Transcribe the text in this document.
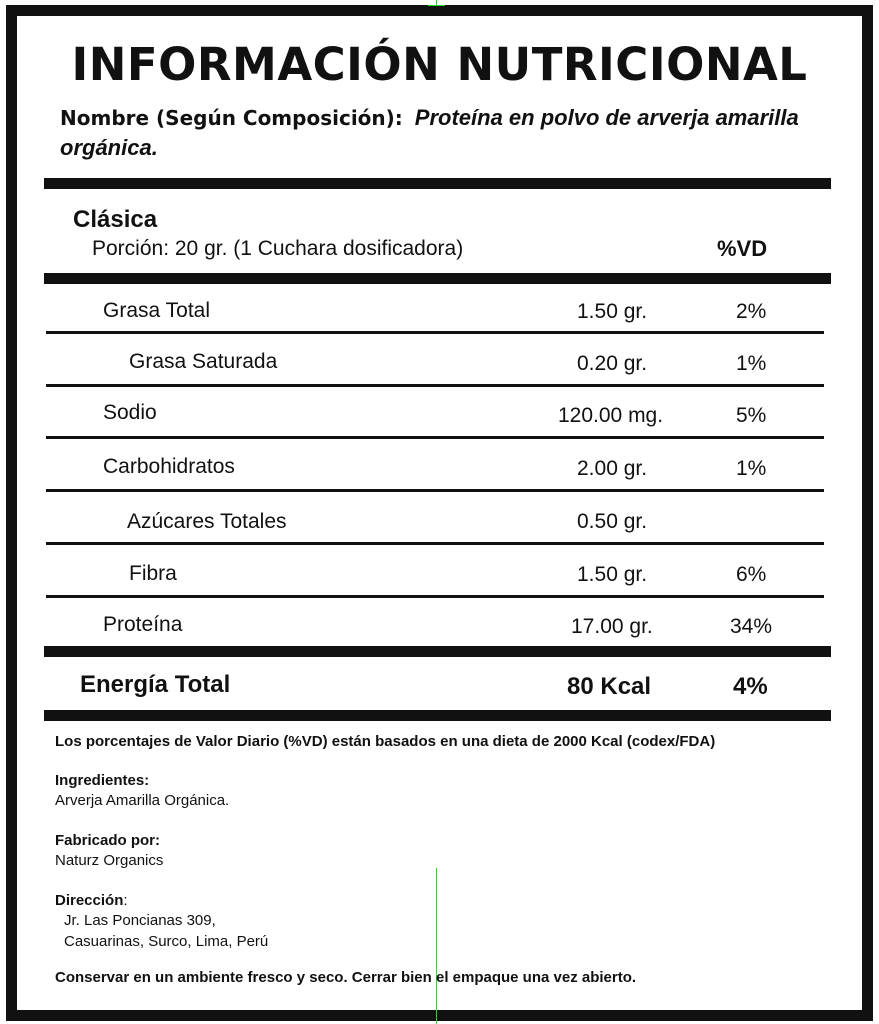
INFORMACIÓN NUTRICIONAL
Nombre (Según Composición): Proteína en polvo de arverja amarilla orgánica.
Clásica
Porción: 20 gr. (1 Cuchara dosificadora)	%VD
Grasa Total	1.50 gr.	2%
Grasa Saturada	0.20 gr.	1%
Sodio	120.00 mg.	5%
Carbohidratos	2.00 gr.	1%
Azúcares Totales	0.50 gr.
Fibra	1.50 gr.	6%
Proteína	17.00 gr.	34%
Energía Total	80 Kcal	4%
Los porcentajes de Valor Diario (%VD) están basados en una dieta de 2000 Kcal (codex/FDA)
Ingredientes:
Arverja Amarilla Orgánica.
Fabricado por:
Naturz Organics
Dirección:
Jr. Las Poncianas 309,
Casuarinas, Surco, Lima, Perú
Conservar en un ambiente fresco y seco. Cerrar bien el empaque una vez abierto.
